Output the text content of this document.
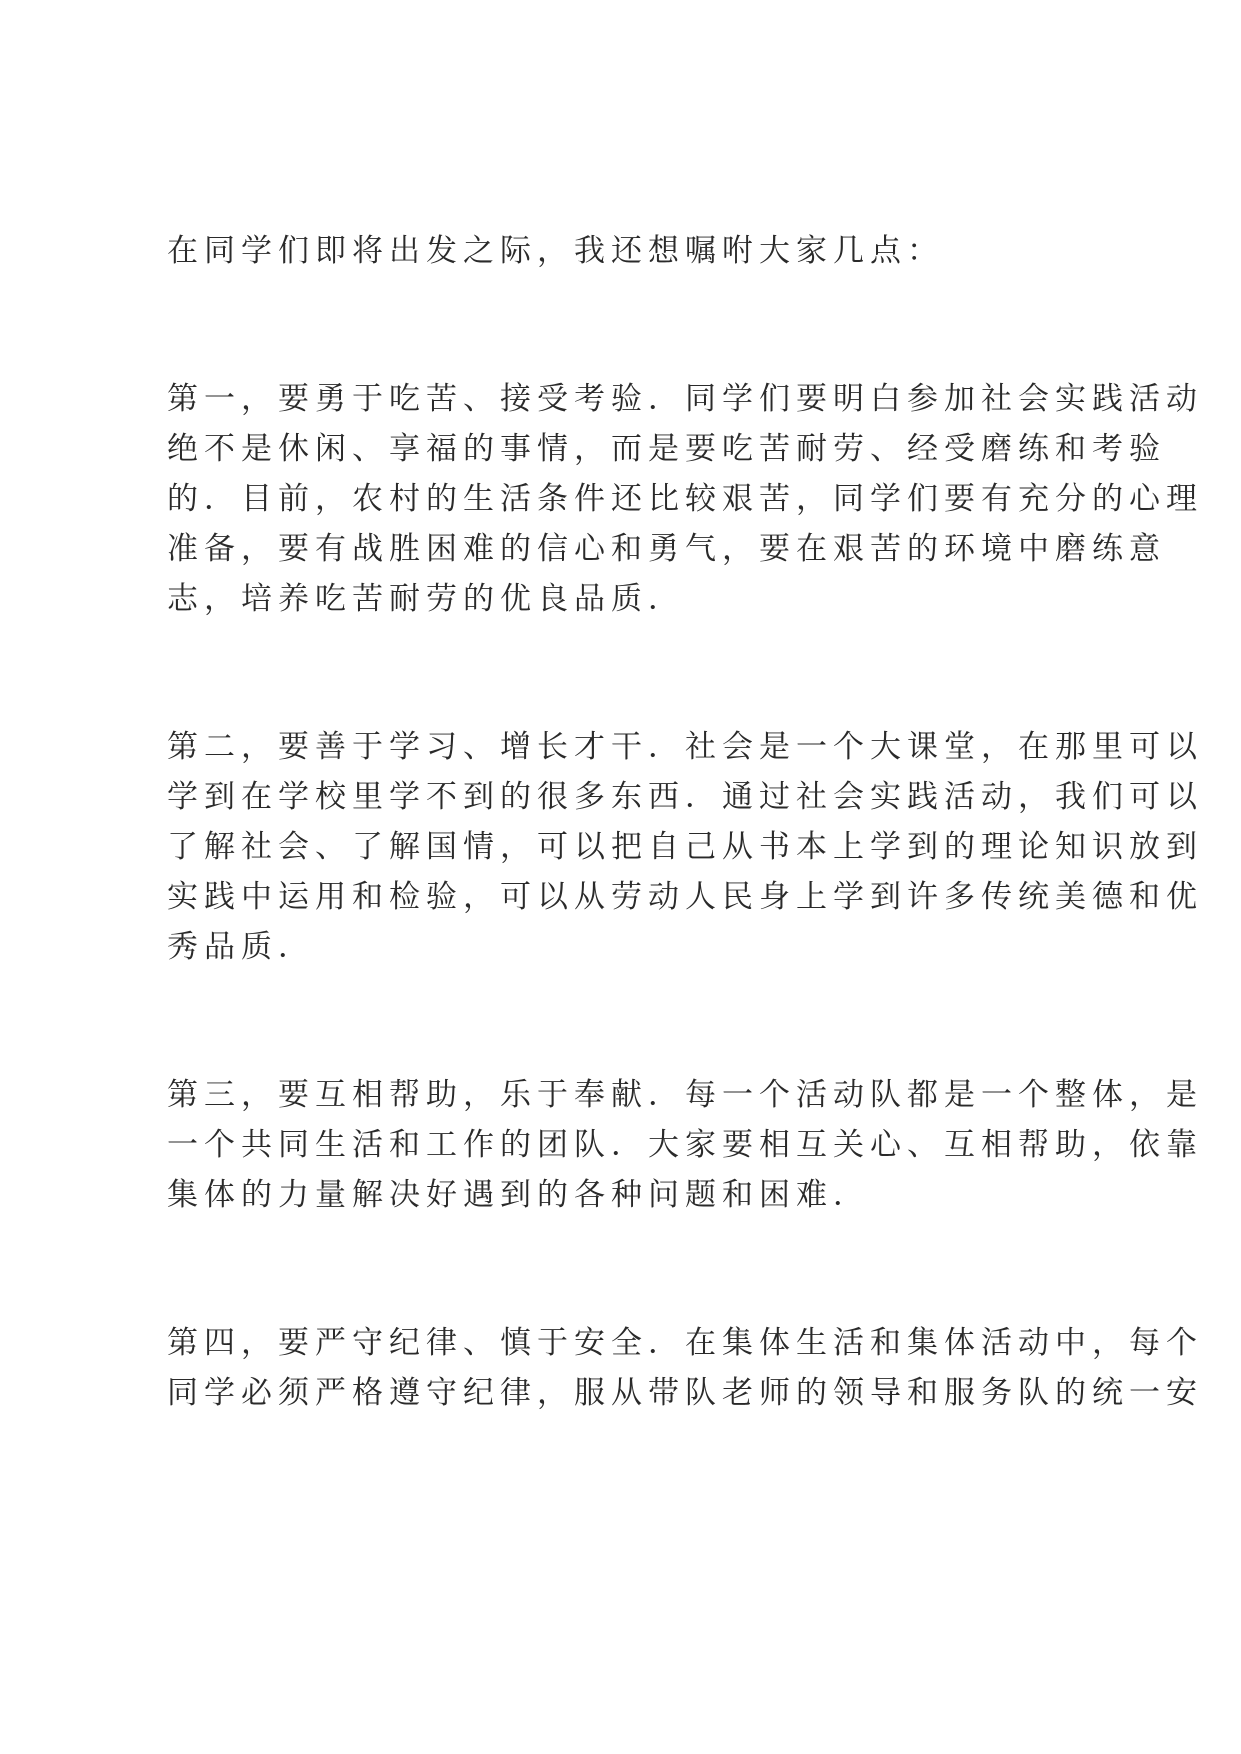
在同学们即将出发之际，我还想嘱咐大家几点：

第一，要勇于吃苦、接受考验．同学们要明白参加社会实践活动
绝不是休闲、享福的事情，而是要吃苦耐劳、经受磨练和考验
的．目前，农村的生活条件还比较艰苦，同学们要有充分的心理
准备，要有战胜困难的信心和勇气，要在艰苦的环境中磨练意
志，培养吃苦耐劳的优良品质．

第二，要善于学习、增长才干．社会是一个大课堂，在那里可以
学到在学校里学不到的很多东西．通过社会实践活动，我们可以
了解社会、了解国情，可以把自己从书本上学到的理论知识放到
实践中运用和检验，可以从劳动人民身上学到许多传统美德和优
秀品质．

第三，要互相帮助，乐于奉献．每一个活动队都是一个整体，是
一个共同生活和工作的团队．大家要相互关心、互相帮助，依靠
集体的力量解决好遇到的各种问题和困难．

第四，要严守纪律、慎于安全．在集体生活和集体活动中，每个
同学必须严格遵守纪律，服从带队老师的领导和服务队的统一安
